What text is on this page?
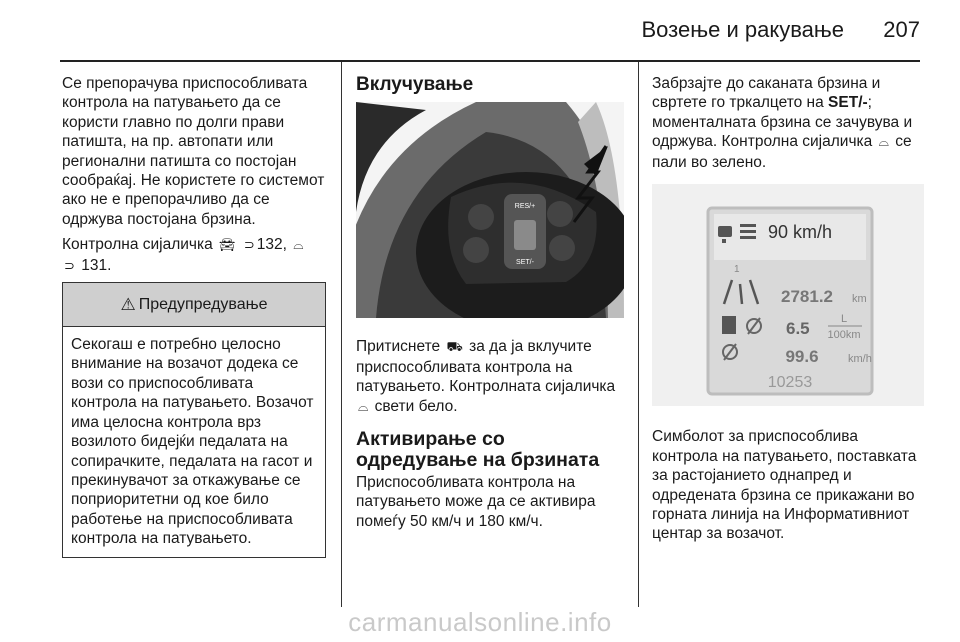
Возење и ракување 207

Се препорачува приспособливата контрола на патувањето да се користи главно по долги прави патишта, на пр. автопати или регионални патишта со постојан сообраќај. Не користете го системот ако не е препорачливо да се одржува постојана брзина.

Контролна сијаличка 🚘︎ ⊃ 132, ⌓
⊃ 131.

⚠ Предупредување
Секогаш е потребно целосно внимание на возачот додека се вози со приспособливата контрола на патувањето. Возачот има целосна контрола врз возилото бидејќи педалата на сопирачките, педалата на гасот и прекинувачот за откажувањe се поприоритетни од кое било работење на приспособливата контрола на патувањето.
Вклучување
RES/+
SET/-

Притиснете ⛟︎ за да ја вклучите приспособливата контрола на патувањето. Контролната сијаличка ⌓ свети бело.

Активирање со одредување на брзината

Приспособливата контрола на патувањето може да се активира помеѓу 50 км/ч и 180 км/ч.

Забрзајте до саканата брзина и свртете го тркалцето на SET/-; моменталната брзина се зачувува и одржува. Контролна сијаличка ⌓ се пали во зелено.

90 km/h
1
2781.2 km
6.5	L
100km
99.6	km/h
10253

Симболот за приспособлива контрола на патувањето, поставката за растојанието однапред и одредената брзина се прикажани во горната линија на Информативниот центар за возачот.

carmanualsonline.info
